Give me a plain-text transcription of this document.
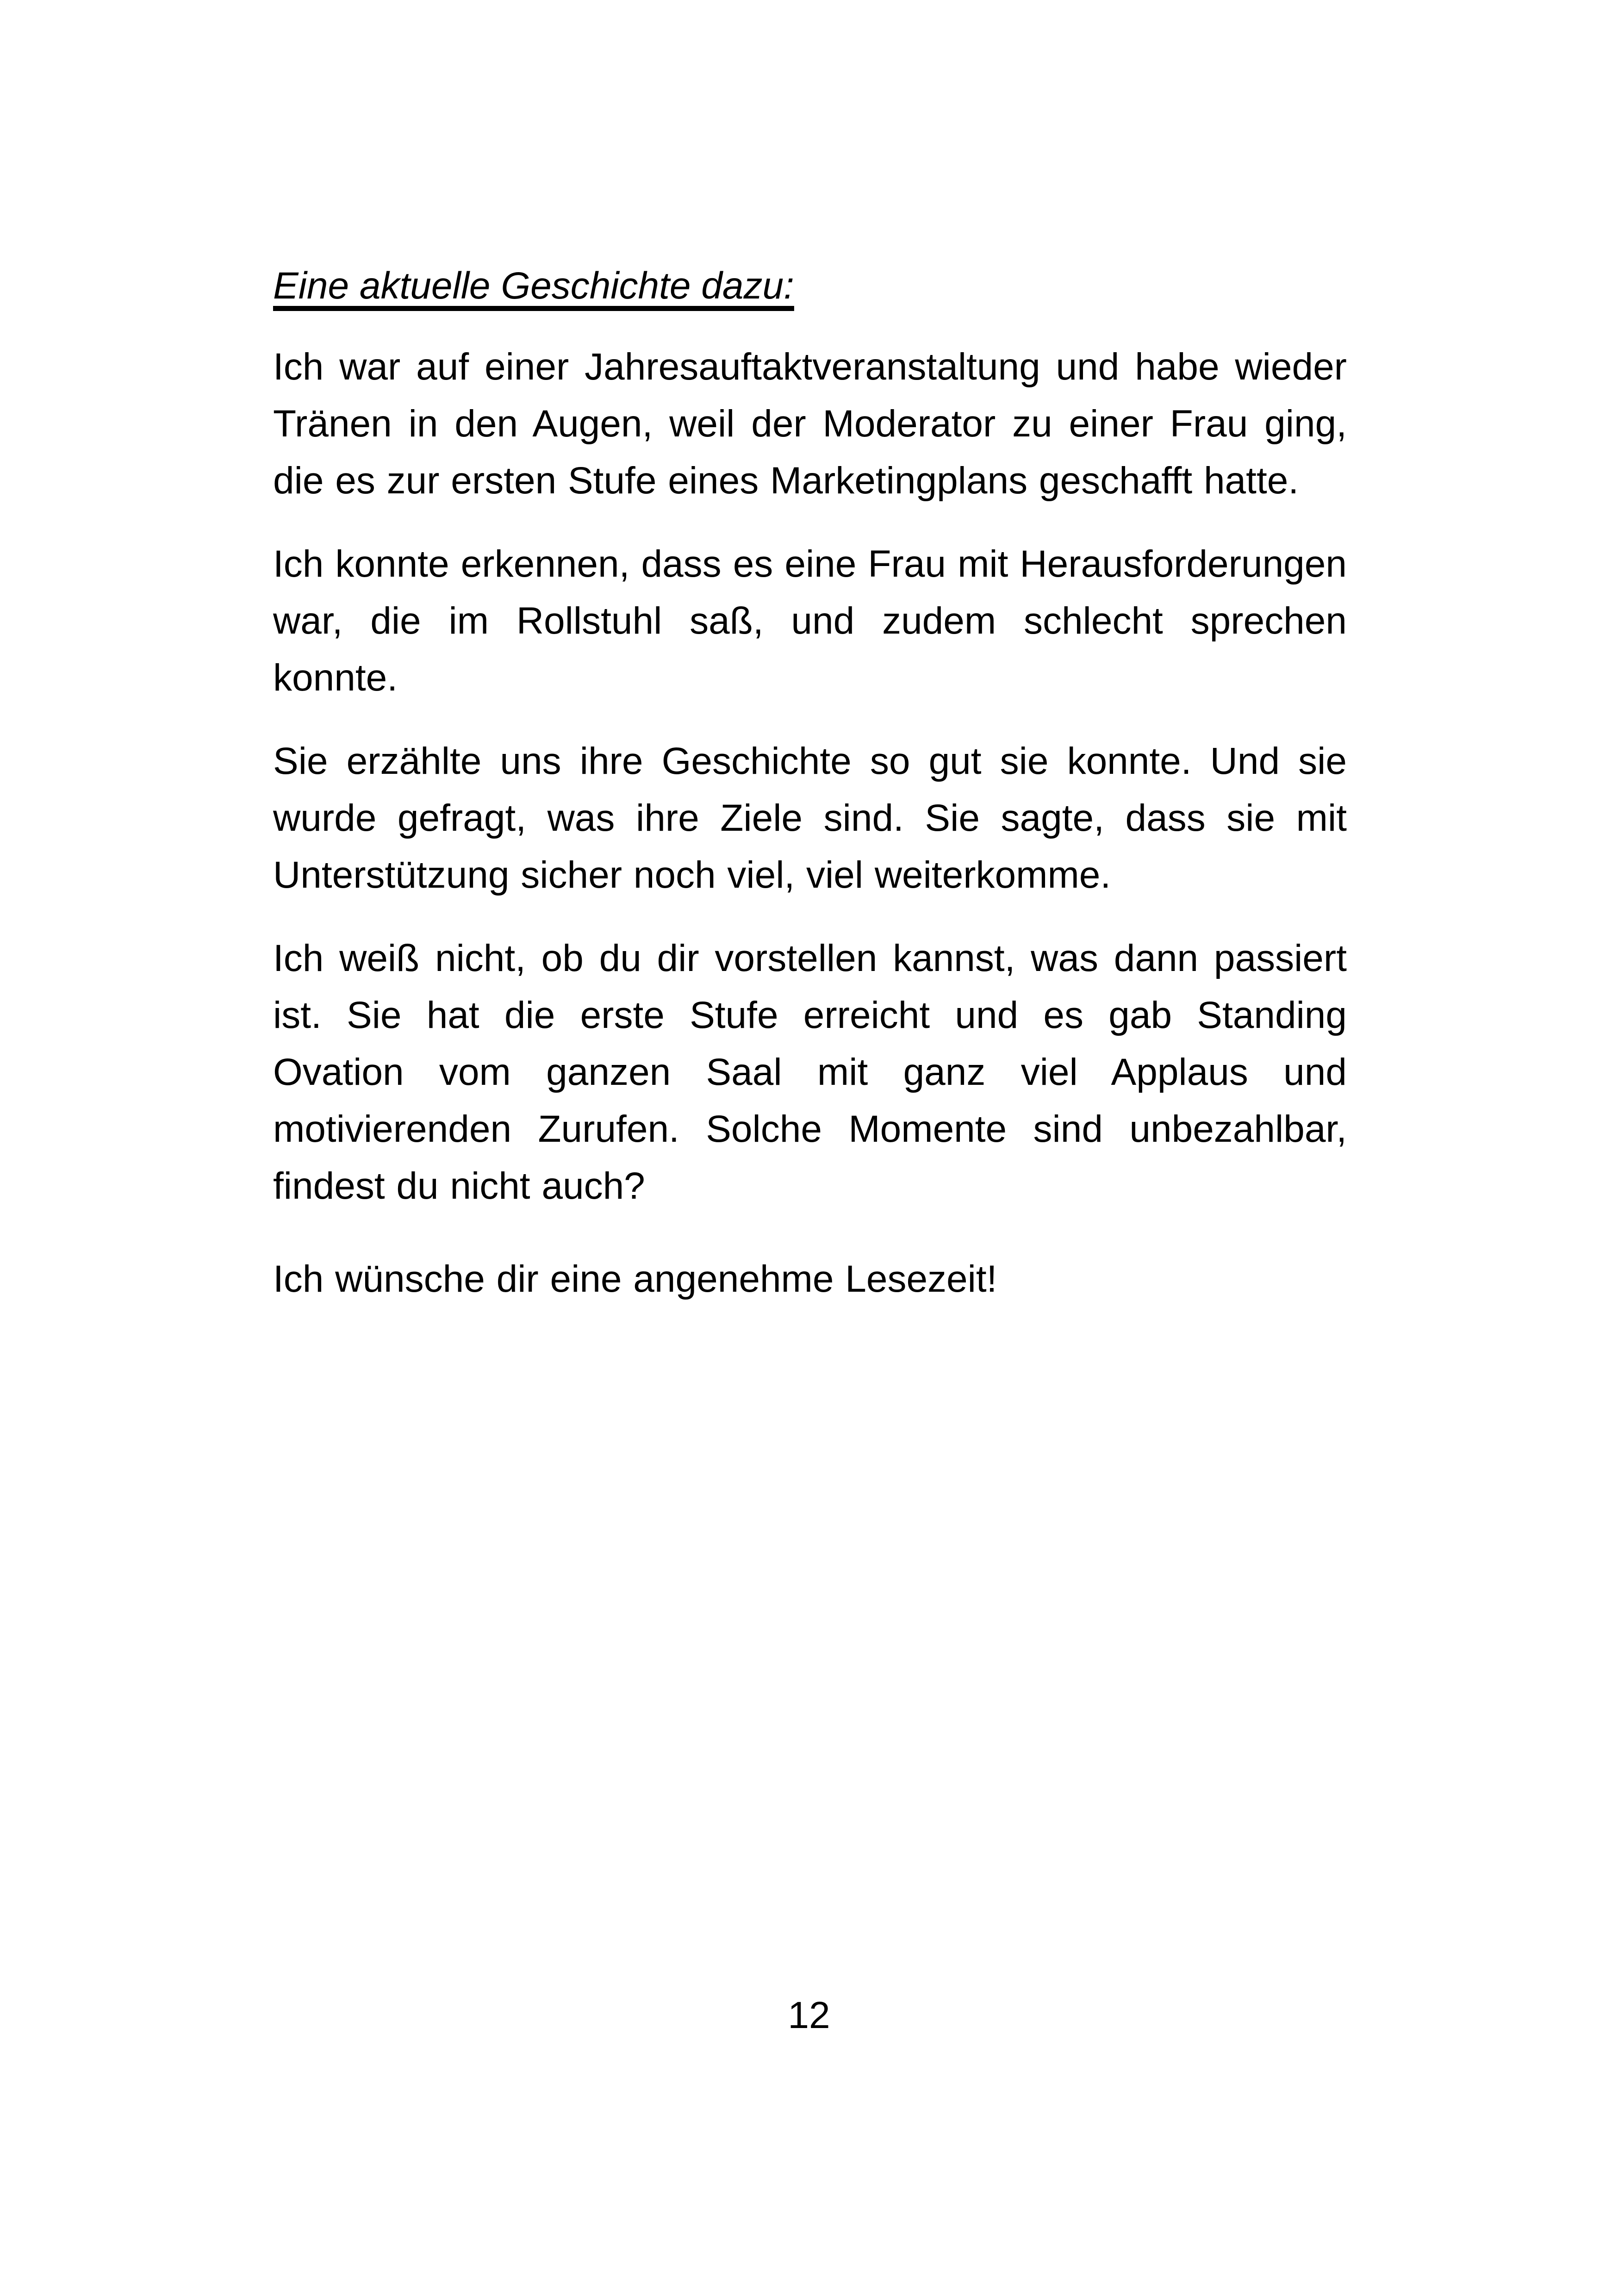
Eine aktuelle Geschichte dazu:

Ich war auf einer Jahresauftaktveranstaltung und habe wieder Tränen in den Augen, weil der Moderator zu einer Frau ging, die es zur ersten Stufe eines Marketingplans geschafft hatte.

Ich konnte erkennen, dass es eine Frau mit Herausforderungen war, die im Rollstuhl saß, und zudem schlecht sprechen konnte.

Sie erzählte uns ihre Geschichte so gut sie konnte. Und sie wurde gefragt, was ihre Ziele sind. Sie sagte, dass sie mit Unterstützung sicher noch viel, viel weiterkomme.

Ich weiß nicht, ob du dir vorstellen kannst, was dann passiert ist. Sie hat die erste Stufe erreicht und es gab Standing Ovation vom ganzen Saal mit ganz viel Applaus und motivierenden Zurufen. Solche Momente sind unbezahlbar, findest du nicht auch?

Ich wünsche dir eine angenehme Lesezeit!

12
